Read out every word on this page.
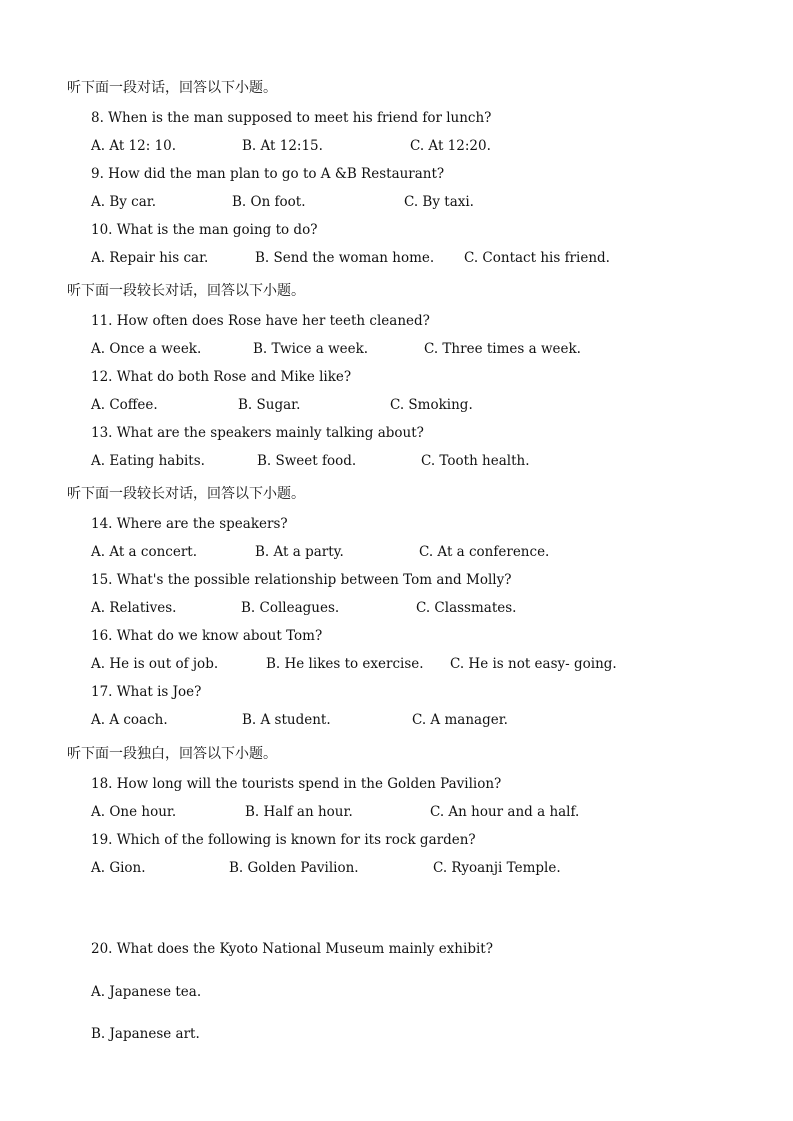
听下面一段对话，回答以下小题。
8. When is the man supposed to meet his friend for lunch?
A. At 12: 10.	B. At 12:15.	C. At 12:20.
9. How did the man plan to go to A &B Restaurant?
A. By car.	B. On foot.	C. By taxi.
10. What is the man going to do?
A. Repair his car.	B. Send the woman home. C. Contact his friend.
听下面一段较长对话，回答以下小题。
11. How often does Rose have her teeth cleaned?
A. Once a week.	B. Twice a week.	C. Three times a week.
12. What do both Rose and Mike like?
A. Coffee.	B. Sugar.	C. Smoking.
13. What are the speakers mainly talking about?
A. Eating habits.	B. Sweet food.	C. Tooth health.
听下面一段较长对话，回答以下小题。
14. Where are the speakers?
A. At a concert.	B. At a party.	C. At a conference.
15. What's the possible relationship between Tom and Molly?
A. Relatives.	B. Colleagues.	C. Classmates.
16. What do we know about Tom?
A. He is out of job.	B. He likes to exercise. C. He is not easy- going.
17. What is Joe?
A. A coach.	B. A student.	C. A manager.
听下面一段独白，回答以下小题。
18. How long will the tourists spend in the Golden Pavilion?
A. One hour.	B. Half an hour.	C. An hour and a half.
19. Which of the following is known for its rock garden?
A. Gion.	B. Golden Pavilion.	C. Ryoanji Temple.
20. What does the Kyoto National Museum mainly exhibit?
A. Japanese tea.
B. Japanese art.
